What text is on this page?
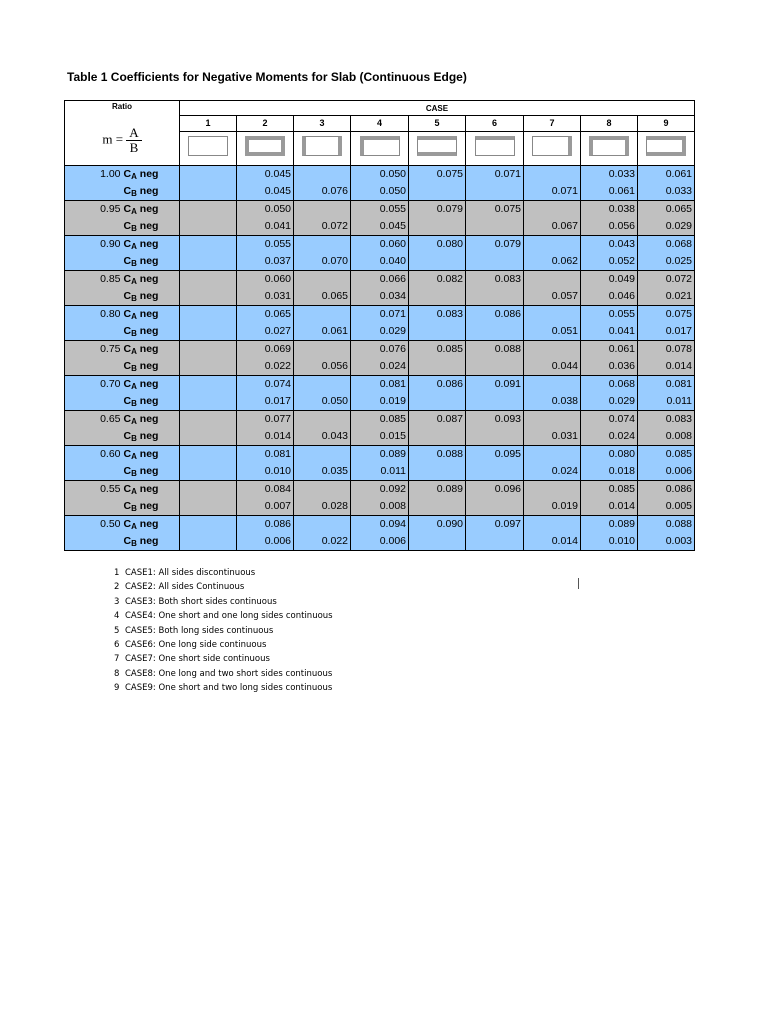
Table 1 Coefficients for Negative Moments for Slab (Continuous Edge)
Ratio		CASE								
$m = \frac{A}{B}$		1	2	3	4	5	6	7	8	9

1.00	$C_A$ neg		0.045		0.050	0.075	0.071		0.033	0.061
	$C_B$ neg		0.045	0.076	0.050			0.071	0.061	0.033
0.95	$C_A$ neg		0.050		0.055	0.079	0.075		0.038	0.065
	$C_B$ neg		0.041	0.072	0.045			0.067	0.056	0.029
0.90	$C_A$ neg		0.055		0.060	0.080	0.079		0.043	0.068
	$C_B$ neg		0.037	0.070	0.040			0.062	0.052	0.025
0.85	$C_A$ neg		0.060		0.066	0.082	0.083		0.049	0.072
	$C_B$ neg		0.031	0.065	0.034			0.057	0.046	0.021
0.80	$C_A$ neg		0.065		0.071	0.083	0.086		0.055	0.075
	$C_B$ neg		0.027	0.061	0.029			0.051	0.041	0.017
0.75	$C_A$ neg		0.069		0.076	0.085	0.088		0.061	0.078
	$C_B$ neg		0.022	0.056	0.024			0.044	0.036	0.014
0.70	$C_A$ neg		0.074		0.081	0.086	0.091		0.068	0.081
	$C_B$ neg		0.017	0.050	0.019			0.038	0.029	0.011
0.65	$C_A$ neg		0.077		0.085	0.087	0.093		0.074	0.083
	$C_B$ neg		0.014	0.043	0.015			0.031	0.024	0.008
0.60	$C_A$ neg		0.081		0.089	0.088	0.095		0.080	0.085
	$C_B$ neg		0.010	0.035	0.011			0.024	0.018	0.006
0.55	$C_A$ neg		0.084		0.092	0.089	0.096		0.085	0.086
	$C_B$ neg		0.007	0.028	0.008			0.019	0.014	0.005
0.50	$C_A$ neg		0.086		0.094	0.090	0.097		0.089	0.088
	$C_B$ neg		0.006	0.022	0.006			0.014	0.010	0.003
1 CASE1: All sides discontinuous
2 CASE2: All sides Continuous
3 CASE3: Both short sides continuous
4 CASE4: One short and one long sides continuous
5 CASE5: Both long sides continuous
6 CASE6: One long side continuous
7 CASE7: One short side continuous
8 CASE8: One long and two short sides continuous
9 CASE9: One short and two long sides continuous
